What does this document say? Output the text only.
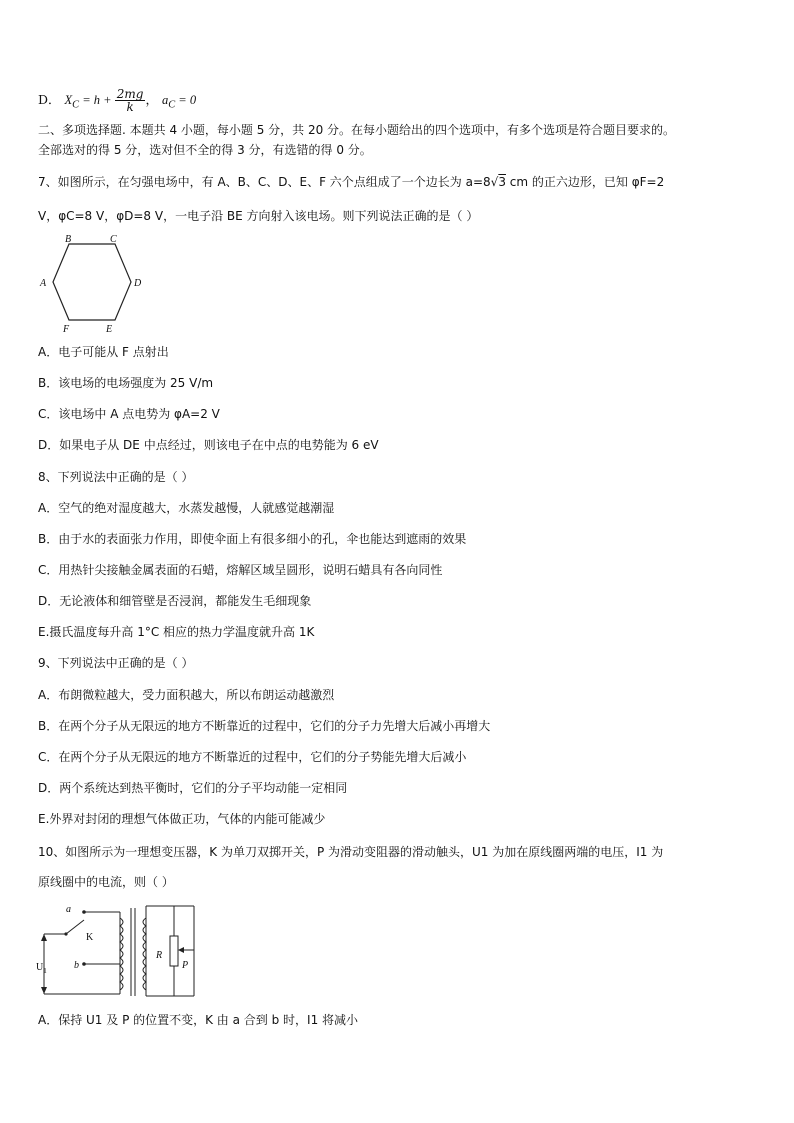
D． $X_C = h + \frac{2mg}{k}$ ， $a_C = 0$
二、多项选择题. 本题共 4 小题，每小题 5 分，共 20 分。在每小题给出的四个选项中，有多个选项是符合题目要求的。
全部选对的得 5 分，选对但不全的得 3 分，有选错的得 0 分。
7、如图所示，在匀强电场中，有 A、B、C、D、E、F 六个点组成了一个边长为 a=8√3 cm 的正六边形，已知 φF=2
V，φC=8 V，φD=8 V，一电子沿 BE 方向射入该电场。则下列说法正确的是（ ）
B	C
A	D
F	E
A．电子可能从 F 点射出
B．该电场的电场强度为 25 V/m
C．该电场中 A 点电势为 φA=2 V
D．如果电子从 DE 中点经过，则该电子在中点的电势能为 6 eV
8、下列说法中正确的是（ ）
A．空气的绝对湿度越大，水蒸发越慢，人就感觉越潮湿
B．由于水的表面张力作用，即使伞面上有很多细小的孔，伞也能达到遮雨的效果
C．用热针尖接触金属表面的石蜡，熔解区域呈圆形，说明石蜡具有各向同性
D．无论液体和细管壁是否浸润，都能发生毛细现象
E.摄氏温度每升高 1°C 相应的热力学温度就升高 1K
9、下列说法中正确的是（ ）
A．布朗微粒越大，受力面积越大，所以布朗运动越激烈
B．在两个分子从无限远的地方不断靠近的过程中，它们的分子力先增大后减小再增大
C．在两个分子从无限远的地方不断靠近的过程中，它们的分子势能先增大后减小
D．两个系统达到热平衡时，它们的分子平均动能一定相同
E.外界对封闭的理想气体做正功，气体的内能可能减少
10、如图所示为一理想变压器，K 为单刀双掷开关，P 为滑动变阻器的滑动触头，U1 为加在原线圈两端的电压，I1 为
原线圈中的电流，则（ ）
a
K
$U_1$	b
R
P
A．保持 U1 及 P 的位置不变，K 由 a 合到 b 时，I1 将减小
